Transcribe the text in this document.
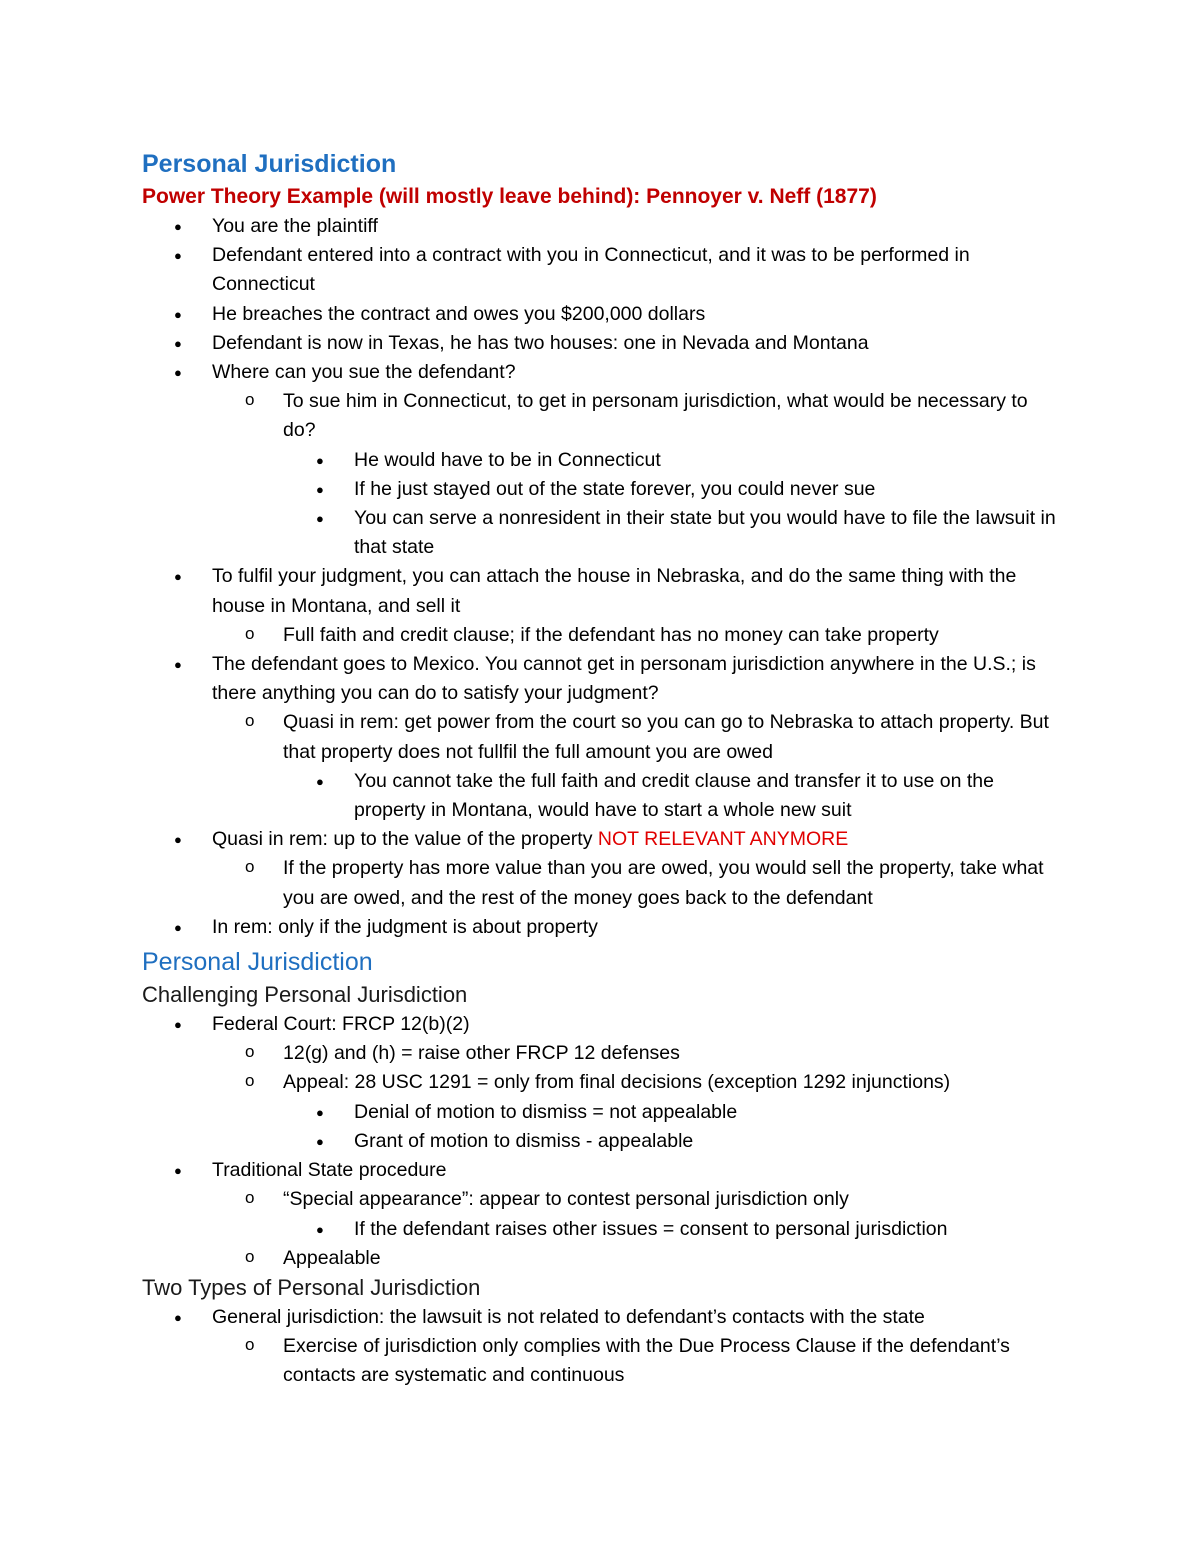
Personal Jurisdiction
Power Theory Example (will mostly leave behind): Pennoyer v. Neff (1877)
● You are the plaintiff
● Defendant entered into a contract with you in Connecticut, and it was to be performed in Connecticut
● He breaches the contract and owes you $200,000 dollars
● Defendant is now in Texas, he has two houses: one in Nevada and Montana
● Where can you sue the defendant?
o To sue him in Connecticut, to get in personam jurisdiction, what would be necessary to do?
● He would have to be in Connecticut
● If he just stayed out of the state forever, you could never sue
● You can serve a nonresident in their state but you would have to file the lawsuit in that state
● To fulfil your judgment, you can attach the house in Nebraska, and do the same thing with the house in Montana, and sell it
o Full faith and credit clause; if the defendant has no money can take property
● The defendant goes to Mexico. You cannot get in personam jurisdiction anywhere in the U.S.; is there anything you can do to satisfy your judgment?
o Quasi in rem: get power from the court so you can go to Nebraska to attach property. But that property does not fullfil the full amount you are owed
● You cannot take the full faith and credit clause and transfer it to use on the property in Montana, would have to start a whole new suit
● Quasi in rem: up to the value of the property NOT RELEVANT ANYMORE
o If the property has more value than you are owed, you would sell the property, take what you are owed, and the rest of the money goes back to the defendant
● In rem: only if the judgment is about property
Personal Jurisdiction
Challenging Personal Jurisdiction
● Federal Court: FRCP 12(b)(2)
o 12(g) and (h) = raise other FRCP 12 defenses
o Appeal: 28 USC 1291 = only from final decisions (exception 1292 injunctions)
● Denial of motion to dismiss = not appealable
● Grant of motion to dismiss - appealable
● Traditional State procedure
o “Special appearance”: appear to contest personal jurisdiction only
● If the defendant raises other issues = consent to personal jurisdiction
o Appealable
Two Types of Personal Jurisdiction
● General jurisdiction: the lawsuit is not related to defendant’s contacts with the state
o Exercise of jurisdiction only complies with the Due Process Clause if the defendant’s contacts are systematic and continuous
